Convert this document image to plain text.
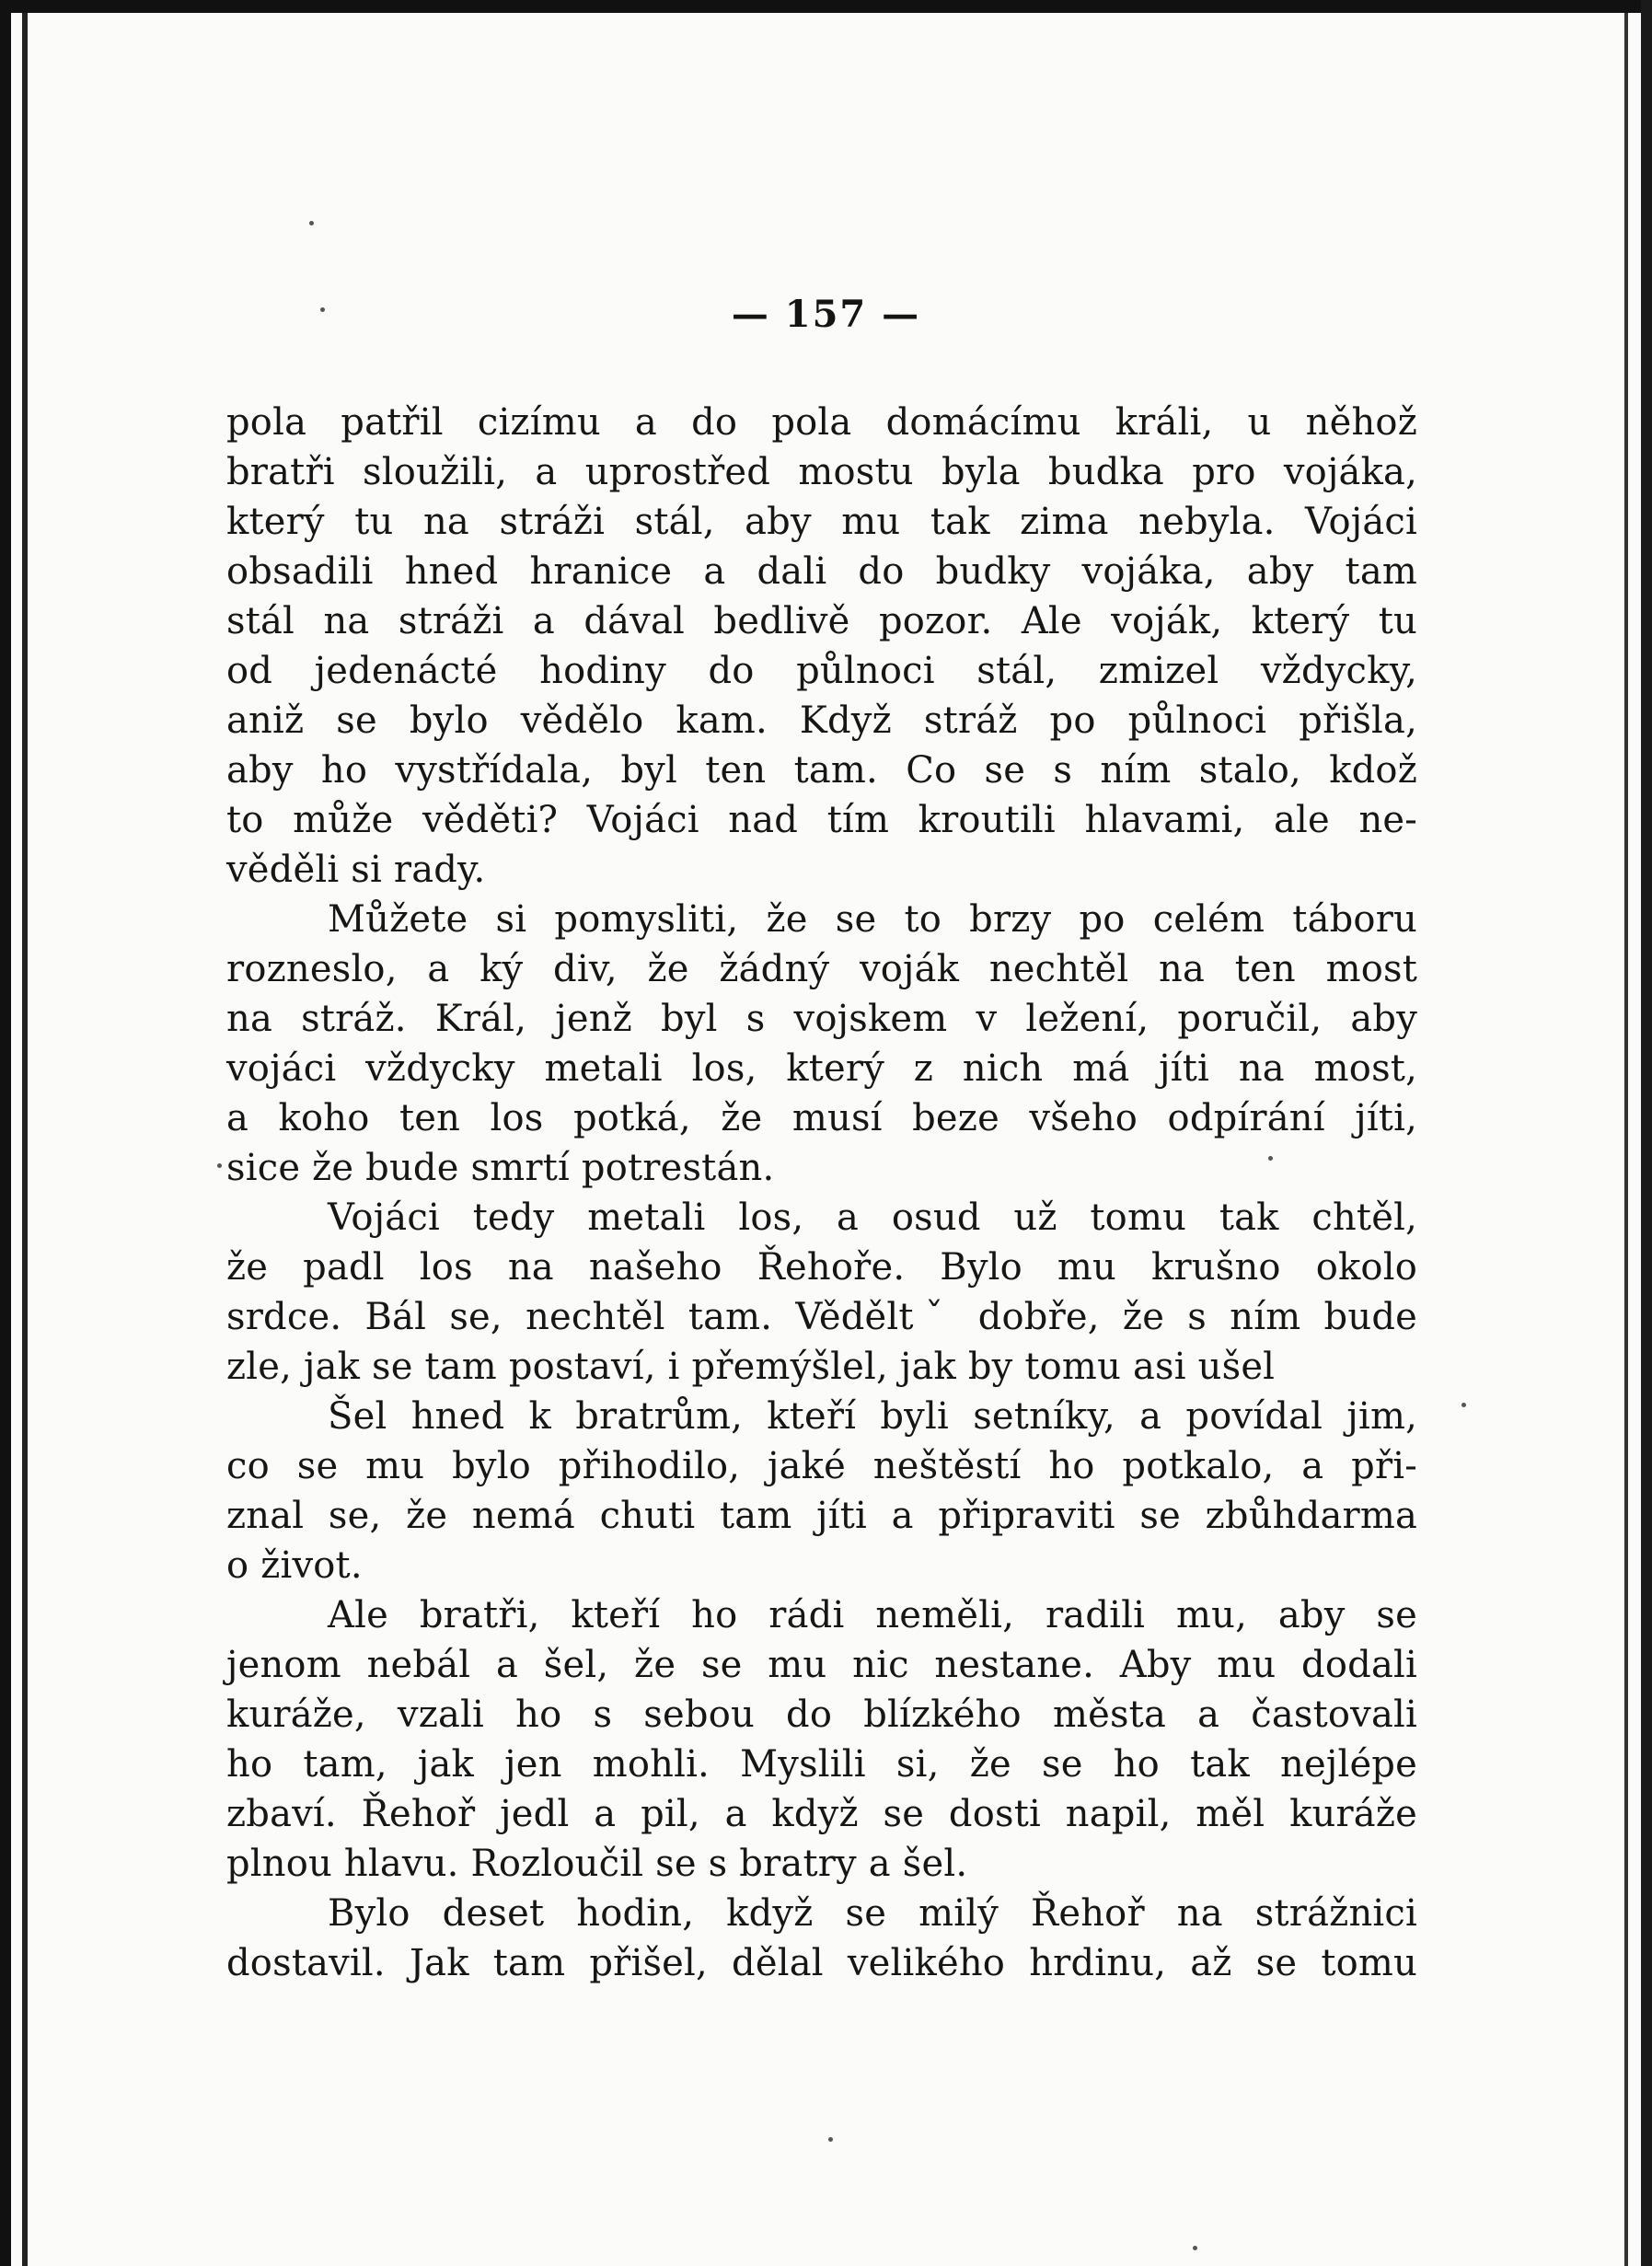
— 157 —
pola patřil cizímu a do pola domácímu králi, u něhož
bratři sloužili, a uprostřed mostu byla budka pro vojáka,
který tu na stráži stál, aby mu tak zima nebyla. Vojáci
obsadili hned hranice a dali do budky vojáka, aby tam
stál na stráži a dával bedlivě pozor. Ale voják, který tu
od jedenácté hodiny do půlnoci stál, zmizel vždycky,
aniž se bylo vědělo kam. Když stráž po půlnoci přišla,
aby ho vystřídala, byl ten tam. Co se s ním stalo, kdož
to může věděti? Vojáci nad tím kroutili hlavami, ale ne-
věděli si rady.
Můžete si pomysliti, že se to brzy po celém táboru
rozneslo, a ký div, že žádný voják nechtěl na ten most
na stráž. Král, jenž byl s vojskem v ležení, poručil, aby
vojáci vždycky metali los, který z nich má jíti na most,
a koho ten los potká, že musí beze všeho odpírání jíti,
sice že bude smrtí potrestán.
Vojáci tedy metali los, a osud už tomu tak chtěl,
že padl los na našeho Řehoře. Bylo mu krušno okolo
srdce. Bál se, nechtěl tam. Věděltˇ dobře, že s ním bude
zle, jak se tam postaví, i přemýšlel, jak by tomu asi ušel
Šel hned k bratrům, kteří byli setníky, a povídal jim,
co se mu bylo přihodilo, jaké neštěstí ho potkalo, a při-
znal se, že nemá chuti tam jíti a připraviti se zbůhdarma
o život.
Ale bratři, kteří ho rádi neměli, radili mu, aby se
jenom nebál a šel, že se mu nic nestane. Aby mu dodali
kuráže, vzali ho s sebou do blízkého města a častovali
ho tam, jak jen mohli. Myslili si, že se ho tak nejlépe
zbaví. Řehoř jedl a pil, a když se dosti napil, měl kuráže
plnou hlavu. Rozloučil se s bratry a šel.
Bylo deset hodin, když se milý Řehoř na strážnici
dostavil. Jak tam přišel, dělal velikého hrdinu, až se tomu
